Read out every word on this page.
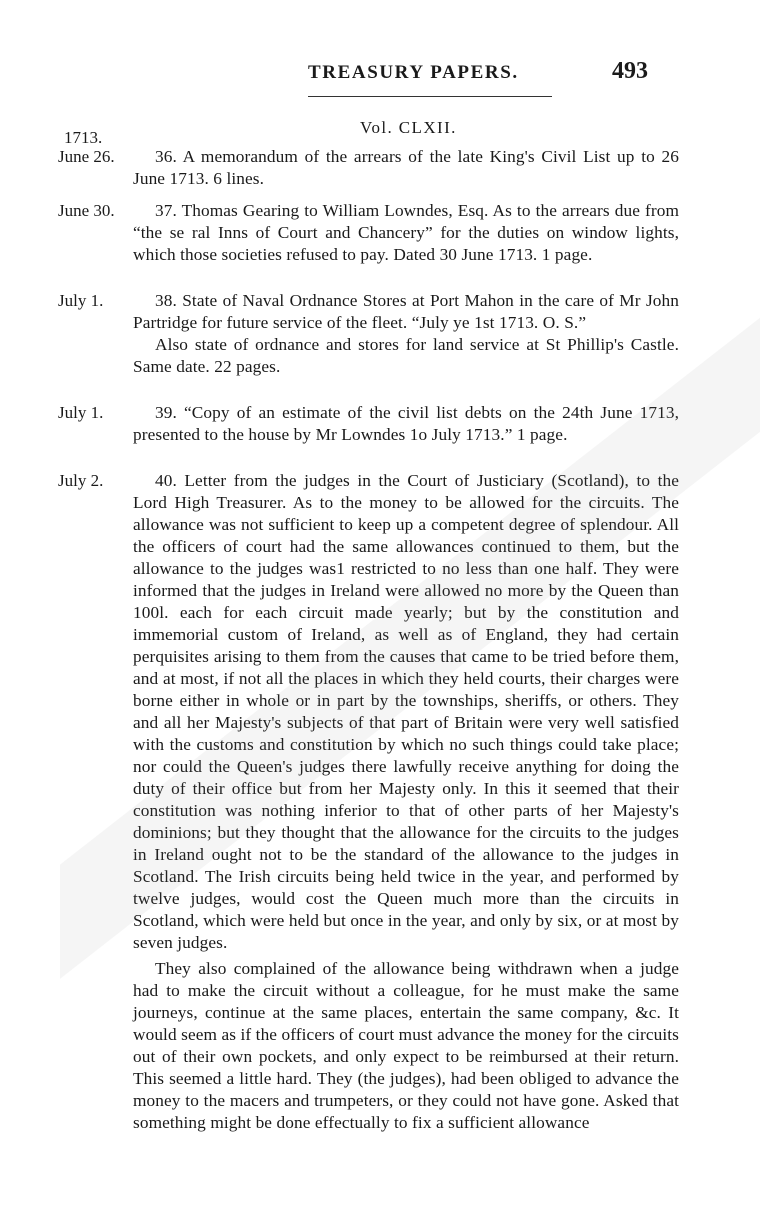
TREASURY PAPERS.	493
Vol. CLXII.
1713.
June 26.	36. A memorandum of the arrears of the late King's Civil List up to 26 June 1713. 6 lines.

June 30.	37. Thomas Gearing to William Lowndes, Esq. As to the arrears due from “the se ral Inns of Court and Chancery” for the duties on window lights, which those societies refused to pay. Dated 30 June 1713. 1 page.

July 1.	38. State of Naval Ordnance Stores at Port Mahon in the care of Mr John Partridge for future service of the fleet. “July ye 1st 1713. O. S.”

Also state of ordnance and stores for land service at St Phillip's Castle. Same date. 22 pages.

July 1.	39. “Copy of an estimate of the civil list debts on the 24th June 1713, presented to the house by Mr Lowndes 1o July 1713.” 1 page.

July 2.	40. Letter from the judges in the Court of Justiciary (Scotland), to the Lord High Treasurer. As to the money to be allowed for the circuits. The allowance was not sufficient to keep up a competent degree of splendour. All the officers of court had the same allowances continued to them, but the allowance to the judges was1 restricted to no less than one half. They were informed that the judges in Ireland were allowed no more by the Queen than 100l. each for each circuit made yearly; but by the constitution and immemorial custom of Ireland, as well as of England, they had certain perquisites arising to them from the causes that came to be tried before them, and at most, if not all the places in which they held courts, their charges were borne either in whole or in part by the townships, sheriffs, or others. They and all her Majesty's subjects of that part of Britain were very well satisfied with the customs and constitution by which no such things could take place; nor could the Queen's judges there lawfully receive anything for doing the duty of their office but from her Majesty only. In this it seemed that their constitution was nothing inferior to that of other parts of her Majesty's dominions; but they thought that the allowance for the circuits to the judges in Ireland ought not to be the standard of the allowance to the judges in Scotland. The Irish circuits being held twice in the year, and performed by twelve judges, would cost the Queen much more than the circuits in Scotland, which were held but once in the year, and only by six, or at most by seven judges.

They also complained of the allowance being withdrawn when a judge had to make the circuit without a colleague, for he must make the same journeys, continue at the same places, entertain the same company, &c. It would seem as if the officers of court must advance the money for the circuits out of their own pockets, and only expect to be reimbursed at their return. This seemed a little hard. They (the judges), had been obliged to advance the money to the macers and trumpeters, or they could not have gone. Asked that something might be done effectually to fix a sufficient allowance
